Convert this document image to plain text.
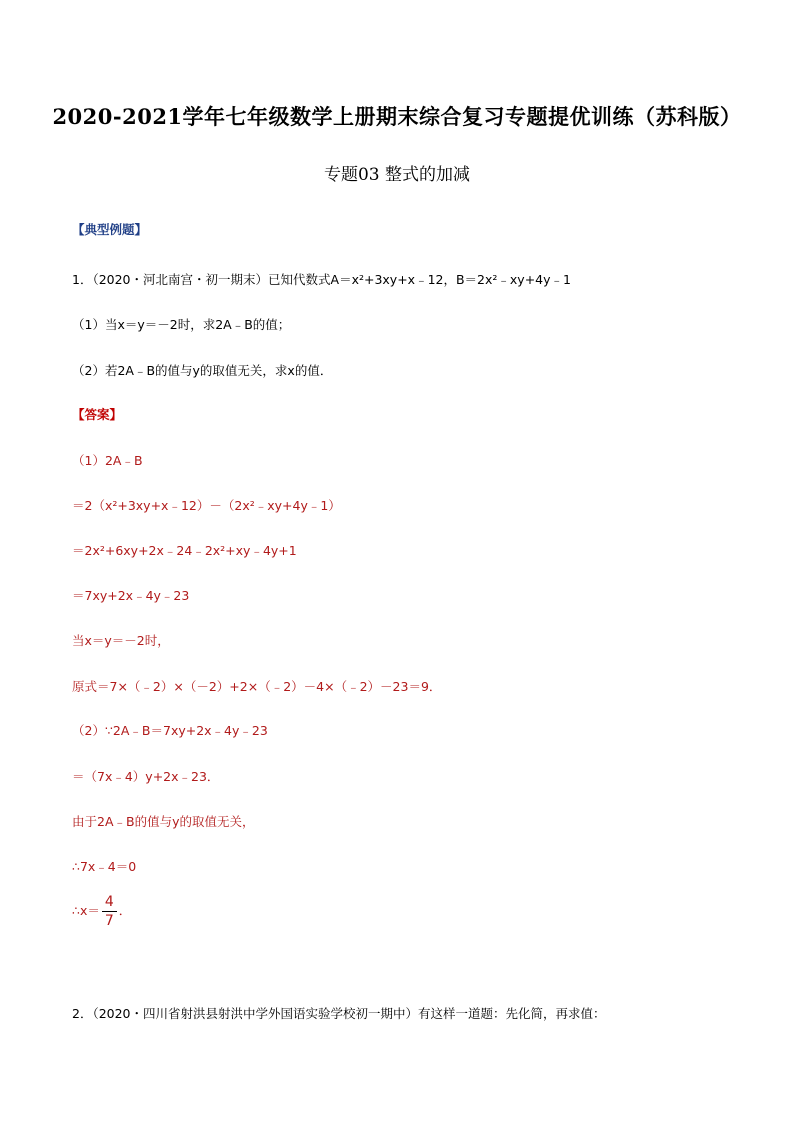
2020-2021学年七年级数学上册期末综合复习专题提优训练（苏科版）
专题03 整式的加减
【典型例题】
1．（2020・河北南宫・初一期末）已知代数式A＝x²+3xy+x﹣12，B＝2x²﹣xy+4y﹣1
（1）当x＝y＝－2时，求2A﹣B的值；
（2）若2A﹣B的值与y的取值无关，求x的值．
【答案】
（1）2A﹣B
＝2（x²+3xy+x﹣12）－（2x²﹣xy+4y﹣1）
＝2x²+6xy+2x﹣24﹣2x²+xy﹣4y+1
＝7xy+2x﹣4y﹣23
当x＝y＝－2时，
原式＝7×（﹣2）×（－2）+2×（﹣2）－4×（﹣2）－23＝9．
（2）∵2A﹣B＝7xy+2x﹣4y﹣23
＝（7x﹣4）y+2x﹣23．
由于2A﹣B的值与y的取值无关，
∴7x﹣4＝0
∴x＝ $\frac{4}{7}$ ．
2．（2020・四川省射洪县射洪中学外国语实验学校初一期中）有这样一道题：先化简，再求值：
